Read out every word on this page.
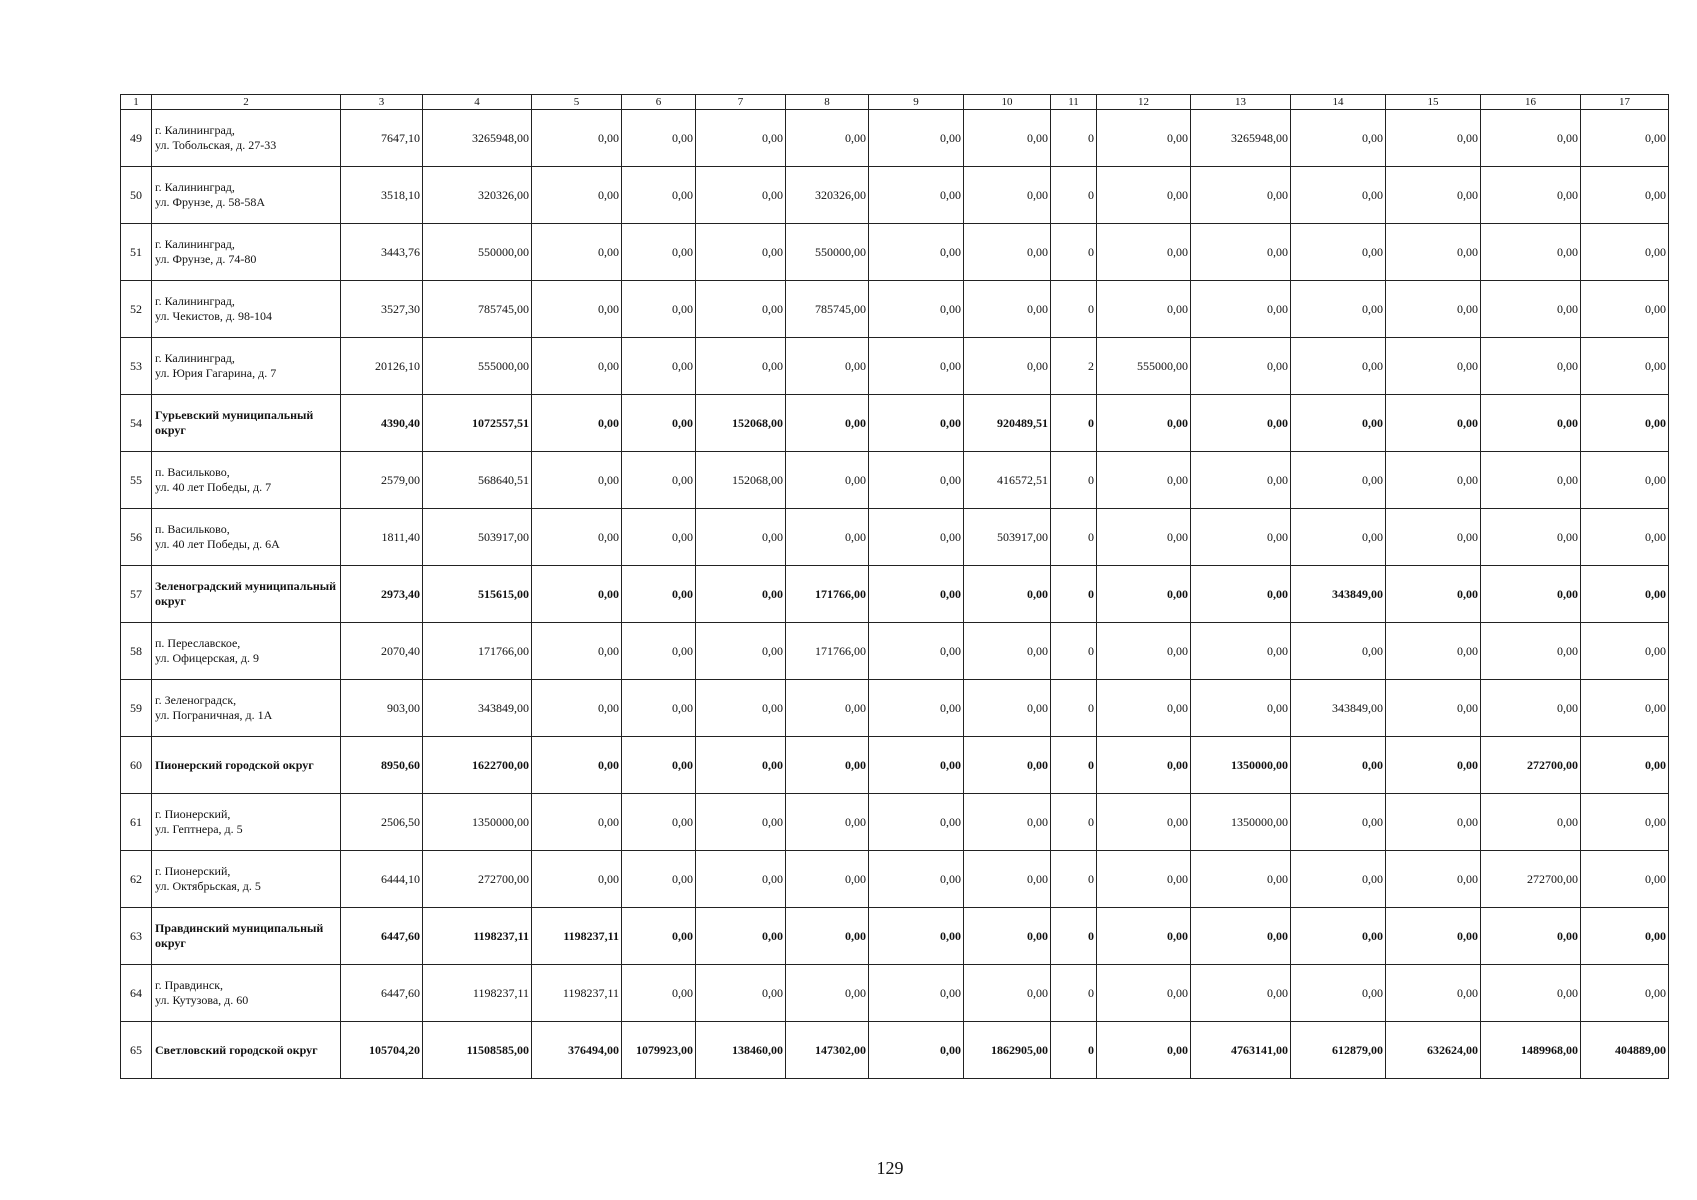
1	2	3	4	5	6	7	8	9	10	11	12	13	14	15	16	17
49	г. Калининград,
ул. Тобольская, д. 27-33	7647,10	3265948,00	0,00	0,00	0,00	0,00	0,00	0,00	0	0,00	3265948,00	0,00	0,00	0,00	0,00
50	г. Калининград,
ул. Фрунзе, д. 58-58А	3518,10	320326,00	0,00	0,00	0,00	320326,00	0,00	0,00	0	0,00	0,00	0,00	0,00	0,00	0,00
51	г. Калининград,
ул. Фрунзе, д. 74-80	3443,76	550000,00	0,00	0,00	0,00	550000,00	0,00	0,00	0	0,00	0,00	0,00	0,00	0,00	0,00
52	г. Калининград,
ул. Чекистов, д. 98-104	3527,30	785745,00	0,00	0,00	0,00	785745,00	0,00	0,00	0	0,00	0,00	0,00	0,00	0,00	0,00
53	г. Калининград,
ул. Юрия Гагарина, д. 7	20126,10	555000,00	0,00	0,00	0,00	0,00	0,00	0,00	2	555000,00	0,00	0,00	0,00	0,00	0,00
54	Гурьевский муниципальный округ	4390,40	1072557,51	0,00	0,00	152068,00	0,00	0,00	920489,51	0	0,00	0,00	0,00	0,00	0,00	0,00
55	п. Васильково,
ул. 40 лет Победы, д. 7	2579,00	568640,51	0,00	0,00	152068,00	0,00	0,00	416572,51	0	0,00	0,00	0,00	0,00	0,00	0,00
56	п. Васильково,
ул. 40 лет Победы, д. 6А	1811,40	503917,00	0,00	0,00	0,00	0,00	0,00	503917,00	0	0,00	0,00	0,00	0,00	0,00	0,00
57	Зеленоградский муниципальный округ	2973,40	515615,00	0,00	0,00	0,00	171766,00	0,00	0,00	0	0,00	0,00	343849,00	0,00	0,00	0,00
58	п. Переславское,
ул. Офицерская, д. 9	2070,40	171766,00	0,00	0,00	0,00	171766,00	0,00	0,00	0	0,00	0,00	0,00	0,00	0,00	0,00
59	г. Зеленоградск,
ул. Пограничная, д. 1А	903,00	343849,00	0,00	0,00	0,00	0,00	0,00	0,00	0	0,00	0,00	343849,00	0,00	0,00	0,00
60	Пионерский городской округ	8950,60	1622700,00	0,00	0,00	0,00	0,00	0,00	0,00	0	0,00	1350000,00	0,00	0,00	272700,00	0,00
61	г. Пионерский,
ул. Гептнера, д. 5	2506,50	1350000,00	0,00	0,00	0,00	0,00	0,00	0,00	0	0,00	1350000,00	0,00	0,00	0,00	0,00
62	г. Пионерский,
ул. Октябрьская, д. 5	6444,10	272700,00	0,00	0,00	0,00	0,00	0,00	0,00	0	0,00	0,00	0,00	0,00	272700,00	0,00
63	Правдинский муниципальный округ	6447,60	1198237,11	1198237,11	0,00	0,00	0,00	0,00	0,00	0	0,00	0,00	0,00	0,00	0,00	0,00
64	г. Правдинск,
ул. Кутузова, д. 60	6447,60	1198237,11	1198237,11	0,00	0,00	0,00	0,00	0,00	0	0,00	0,00	0,00	0,00	0,00	0,00
65	Светловский городской округ	105704,20	11508585,00	376494,00	1079923,00	138460,00	147302,00	0,00	1862905,00	0	0,00	4763141,00	612879,00	632624,00	1489968,00	404889,00
129
